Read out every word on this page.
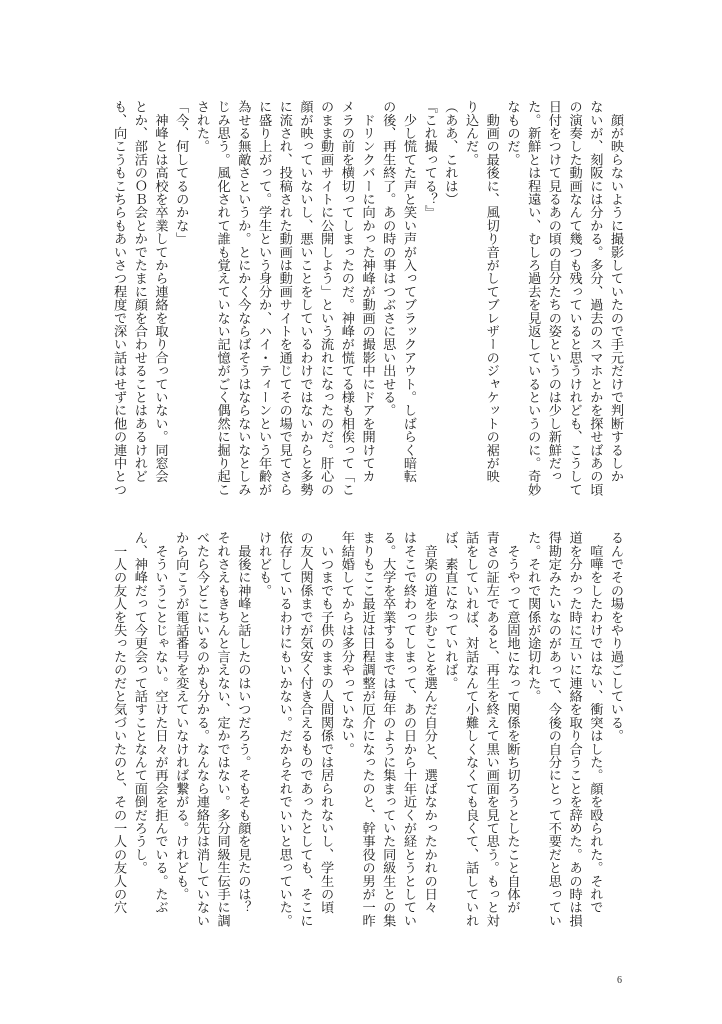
　顔が映らないように撮影していたので手元だけで判断するしか

ないが、刻阪には分かる。多分、過去のスマホとかを探せばあの頃

の演奏した動画なんて幾つも残っていると思うけれども、こうして

日付をつけて見るあの頃の自分たちの姿というのは少し新鮮だっ

た。新鮮とは程遠い、むしろ過去を見返しているというのに。奇妙

なものだ。

　動画の最後に、風切り音がしてブレザーのジャケットの裾が映

り込んだ。

（ああ、これは）

『これ撮ってる？』

　少し慌てた声と笑い声が入ってブラックアウト。しばらく暗転

の後、再生終了。あの時の事はつぶさに思い出せる。

　ドリンクバーに向かった神峰が動画の撮影中にドアを開けてカ

メラの前を横切ってしまったのだ。神峰が慌てる様も相俟って「こ

のまま動画サイトに公開しよう」という流れになったのだ。肝心の

顔が映っていないし、悪いことをしているわけではないからと多勢

に流され、投稿された動画は動画サイトを通じてその場で見てさら

に盛り上がって。学生という身分か、ハイ・ティーンという年齢が

為せる無敵さというか。とにかく今ならばそうはならないなとしみ

じみ思う。風化されて誰も覚えていない記憶がごく偶然に掘り起こ

された。

「今、何してるのかな」

　神峰とは高校を卒業してから連絡を取り合っていない。同窓会

とか、部活のＯＢ会とかでたまに顔を合わせることはあるけれど

も、向こうもこちらもあいさつ程度で深い話はせずに他の連中とつ

るんでその場をやり過ごしている。

　喧嘩をしたわけではない、衝突はした。顔を殴られた。それで

道を分かった時に互いに連絡を取り合うことを辞めた。あの時は損

得勘定みたいなのがあって、今後の自分にとって不要だと思ってい

た。それで関係が途切れた。

　そうやって意固地になって関係を断ち切ろうとしたこと自体が

青さの証左であると、再生を終えて黒い画面を見て思う。もっと対

話をしていれば、対話なんて小難しくなくても良くて、話していれ

ば、素直になっていれば。

　音楽の道を歩むことを選んだ自分と、選ばなかったかれの日々

はそこで終わってしまって、あの日から十年近くが経とうとしてい

る。大学を卒業するまでは毎年のように集まっていた同級生との集

まりもここ最近は日程調整が厄介になったのと、幹事役の男が一昨

年結婚してからは多分やっていない。

　いつまでも子供のままの人間関係では居られないし、学生の頃

の友人関係までが気安く付き合えるものであったとしても、そこに

依存しているわけにもいかない。だからそれでいいと思っていた。

けれども。

　最後に神峰と話したのはいつだろう。そもそも顔を見たのは？

それさえもきちんと言えない、定かではない。多分同級生伝手に調

べたら今どこにいるのかも分かる。なんなら連絡先は消していない

から向こうが電話番号を変えていなければ繋がる。けれども。

　そういうことじゃない。空けた日々が再会を拒んでいる。たぶ

ん、神峰だって今更会って話すことなんて面倒だろうし。

　一人の友人を失ったのだと気づいたのと、その一人の友人の穴

6
